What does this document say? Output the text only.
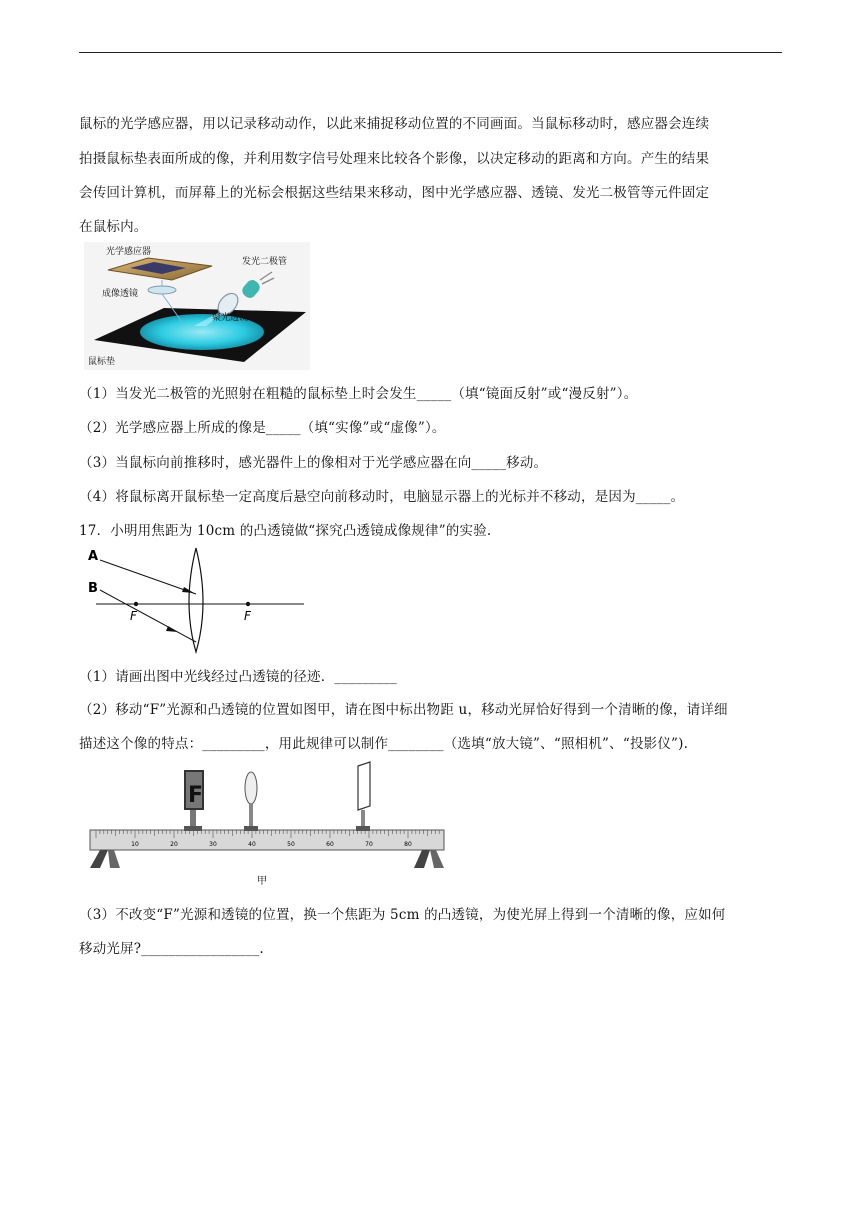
鼠标的光学感应器，用以记录移动动作，以此来捕捉移动位置的不同画面。当鼠标移动时，感应器会连续
拍摄鼠标垫表面所成的像，并利用数字信号处理来比较各个影像，以决定移动的距离和方向。产生的结果
会传回计算机，而屏幕上的光标会根据这些结果来移动，图中光学感应器、透镜、发光二极管等元件固定
在鼠标内。
光学感应器
发光二极管
成像透镜
聚光透镜
鼠标垫
（1）当发光二极管的光照射在粗糙的鼠标垫上时会发生_____（填“镜面反射”或“漫反射”）。
（2）光学感应器上所成的像是_____（填“实像”或“虚像”）。
（3）当鼠标向前推移时，感光器件上的像相对于光学感应器在向_____移动。
（4）将鼠标离开鼠标垫一定高度后悬空向前移动时，电脑显示器上的光标并不移动，是因为_____。
17．小明用焦距为 10cm 的凸透镜做“探究凸透镜成像规律”的实验.
A
B
F	F
（1）请画出图中光线经过凸透镜的径迹．_________
（2）移动“F”光源和凸透镜的位置如图甲，请在图中标出物距 u，移动光屏恰好得到一个清晰的像，请详细
描述这个像的特点：_________，用此规律可以制作________（选填“放大镜”、“照相机”、“投影仪”).
10	20	30	40	50	60	70	80
F
甲
（3）不改变“F”光源和透镜的位置，换一个焦距为 5cm 的凸透镜，为使光屏上得到一个清晰的像，应如何
移动光屏?_________________.
